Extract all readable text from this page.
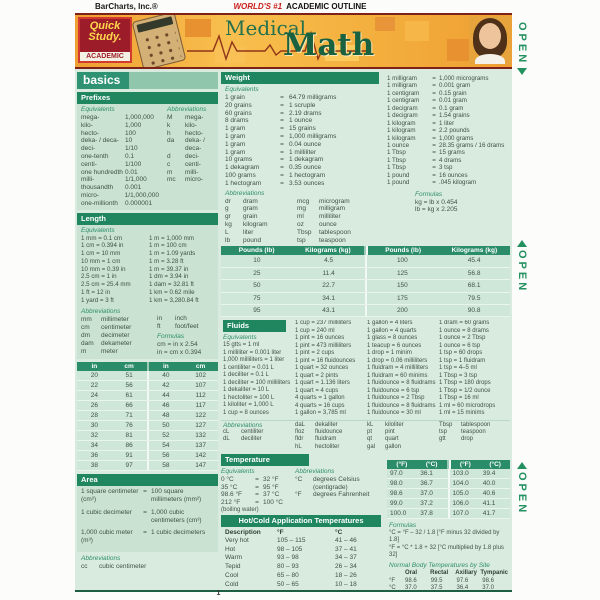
BarCharts, Inc.®	WORLD'S #1 ACADEMIC OUTLINE
Quick
Study.
ACADEMIC
Medical
Math
basics
Prefixes
Equivalents
mega-	1,000,000
kilo-	1,000
hecto-	100
deka- / deca- 10
deci-	1/10
one-tenth	0.1
centi-	1/100
one hundredth 0.01
milli-	1/1,000
thousandth	0.001
micro-	1/1,000,000
one-millionth	0.000001
Abbreviations
M	mega-
k	kilo-
h	hecto-
da	deka- / deca-
d	deci-
c	centi-
m	milli-
mc	micro-
Length
Equivalents
1 mm = 0.1 cm
1 cm = 0.394 in
1 cm = 10 mm
10 mm = 1 cm
10 mm = 0.39 in
2.5 cm = 1 in
2.5 cm = 25.4 mm
1 ft = 12 in
1 yard = 3 ft
1 m = 1,000 mm
1 m = 100 cm
1 m = 1.09 yards
1 m = 3.28 ft
1 m = 39.37 in
1 dm = 3.94 in
1 dam = 32.81 ft
1 km = 0.62 mile
1 km = 3,280.84 ft
Abbreviations
mm	millimeter
cm	centimeter
dm	decimeter
dam	dekameter
m	meter
in	inch
ft	foot/feet
Formulas
cm = in x 2.54
in = cm x 0.394
in	cm	in	cm
20	51	40	102
22	56	42	107
24	61	44	112
26	66	46	117
28	71	48	122
30	76	50	127
32	81	52	132
34	86	54	137
36	91	56	142
38	97	58	147
Area
1 square centimeter (cm²)
= 100 square millimeters (mm²)
1 cubic decimeter	= 1,000 cubic centimeters (cm³)
1,000 cubic meter (m³)
= 1 cubic decimeters
Abbreviations
cc	cubic centimeter
Weight
Equivalents
1 grain	= 64.79 milligrams
20 grains	= 1 scruple
60 grains	= 2.19 drams
8 drams	= 1 ounce
1 gram	= 15 grains
1 gram	= 1,000 milligrams
1 gram	= 0.04 ounce
1 gram	= 1 milliliter
10 grams	= 1 dekagram
1 dekagram	= 0.35 ounce
100 grams	= 1 hectogram
1 hectogram	= 3.53 ounces
Abbreviations
dr	dram
g	gram
gr	grain
kg	kilogram
L	liter
lb	pound
mcg	microgram
mg	milligram
ml	milliliter
oz	ounce
Tbsp	tablespoon
tsp	teaspoon
1 milligram	= 1,000 micrograms
1 milligram	= 0.001 gram
1 centigram	= 0.15 grain
1 centigram	= 0.01 gram
1 decigram	= 0.1 gram
1 decigram	= 1.54 grains
1 kilogram	= 1 liter
1 kilogram	= 2.2 pounds
1 kilogram	= 1,000 grams
1 ounce	= 28.35 grams / 16 drams
1 Tbsp	= 15 grams
1 Tbsp	= 4 drams
1 Tbsp	= 3 tsp
1 pound	= 16 ounces
1 pound	= .045 kilogram
Formulas
kg = lb x 0.454
lb = kg x 2.205
Pounds (lb)	Kilograms (kg)	Pounds (lb)	Kilograms (kg)
10	4.5	100	45.4
25	11.4	125	56.8
50	22.7	150	68.1
75	34.1	175	79.5
95	43.1	200	90.8
Fluids
Equivalents
15 gtts = 1 ml
1 milliliter = 0.001 liter
1,000 milliliters = 1 liter
1 centiliter = 0.01 L
1 deciliter = 0.1 L
1 deciliter = 100 milliliters
1 dekaliter = 10 L
1 hectoliter = 100 L
1 kiloliter = 1,000 L
1 cup = 8 ounces
1 cup = 237 milliliters
1 cup = 240 ml
1 pint = 16 ounces
1 pint = 473 milliliters
1 pint = 2 cups
1 pint = 16 fluidounces
1 quart = 32 ounces
1 quart = 2 pints
1 quart = 1.136 liters
1 quart = 4 cups
4 quarts = 1 gallon
4 quarts = 16 cups
1 gallon = 3,785 ml
1 gallon = 4 liters
1 gallon = 4 quarts
1 glass = 8 ounces
1 teacup = 6 ounces
1 drop = 1 minim
1 drop = 0.06 milliliters
1 fluidram = 4 milliliters
1 fluidram = 60 minims
1 fluidounce = 8 fluidrams
1 fluidounce = 6 tsp
1 fluidounce = 2 Tbsp
1 fluidounce = 8 fluidrams
1 fluidounce = 30 ml
1 dram = 60 grains
1 ounce = 8 drams
1 ounce = 2 Tbsp
1 ounce = 6 tsp
1 tsp = 60 drops
1 tsp = 1 fluidram
1 tsp = 4–5 ml
1 Tbsp = 3 tsp
1 Tbsp = 180 drops
1 Tbsp = 1/2 ounce
1 Tbsp = 16 ml
1 ml = 60 microdrops
1 ml = 15 minims
Abbreviations
cL	centiliter
dL	deciliter
daL	dekaliter
floz	fluidounce
fldr	fluidram
hL	hectoliter
kL	kiloliter
pt	pint
qt	quart
gal	gallon
Tbsp	tablespoon
tsp	teaspoon
gtt	drop
Temperature
Equivalents
0 °C	= 32 °F
35 °C	= 95 °F
98.6 °F	= 37 °C
212 °F	= 100 °C
(boiling water)
Abbreviations
°C	degrees Celsius (centigrade)
°F	degrees Fahrenheit
Hot/Cold Application Temperatures
Description	°F	°C
Very hot	105 – 115	41 – 46
Hot	98 – 105	37 – 41
Warm	93 – 98	34 – 37
Tepid	80 – 93	26 – 34
Cool	65 – 80	18 – 26
Cold	50 – 65	10 – 18
(°F)	(°C)	(°F)	(°C)
97.0	36.1	103.0	39.4
98.0	36.7	104.0	40.0
98.6	37.0	105.0	40.6
99.0	37.2	106.0	41.1
100.0	37.8	107.0	41.7
Formulas
°C = °F – 32 / 1.8 [°F minus 32 divided by 1.8]
°F = °C * 1.8 + 32 [°C multiplied by 1.8 plus 32]
Normal Body Temperatures by Site
Oral	Rectal	Axillary Tympanic
°F	98.6	99.5	97.6	98.6
°C	37.0	37.5	36.4	37.0
OPEN
OPEN
OPEN
1
